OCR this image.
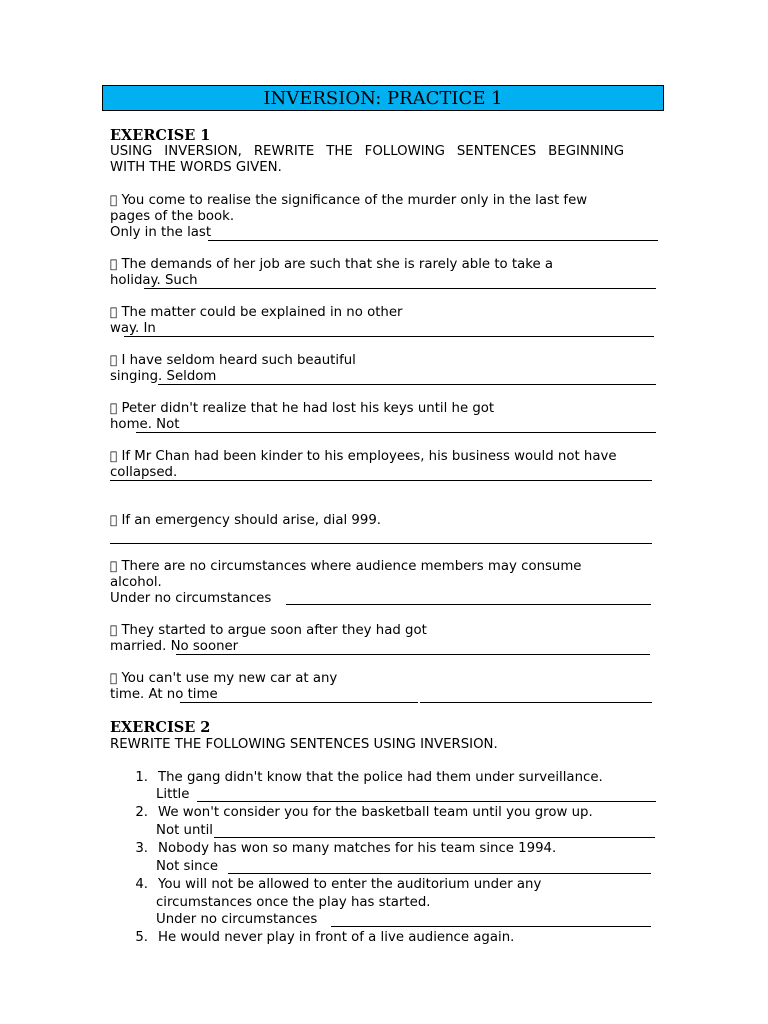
INVERSION: PRACTICE 1
EXERCISE 1
USING INVERSION, REWRITE THE FOLLOWING SENTENCES BEGINNING
WITH THE WORDS GIVEN.
You come to realise the significance of the murder only in the last few
pages of the book.
Only in the last
The demands of her job are such that she is rarely able to take a
holiday. Such
The matter could be explained in no other
way. In
I have seldom heard such beautiful
singing. Seldom
Peter didn't realize that he had lost his keys until he got
home. Not
If Mr Chan had been kinder to his employees, his business would not have
collapsed.
If an emergency should arise, dial 999.
There are no circumstances where audience members may consume
alcohol.
Under no circumstances
They started to argue soon after they had got
married. No sooner
You can't use my new car at any
time. At no time
EXERCISE 2
REWRITE THE FOLLOWING SENTENCES USING INVERSION.
1. The gang didn't know that the police had them under surveillance.
Little
2. We won't consider you for the basketball team until you grow up.
Not until
3. Nobody has won so many matches for his team since 1994.
Not since
4. You will not be allowed to enter the auditorium under any
circumstances once the play has started.
Under no circumstances
5. He would never play in front of a live audience again.
